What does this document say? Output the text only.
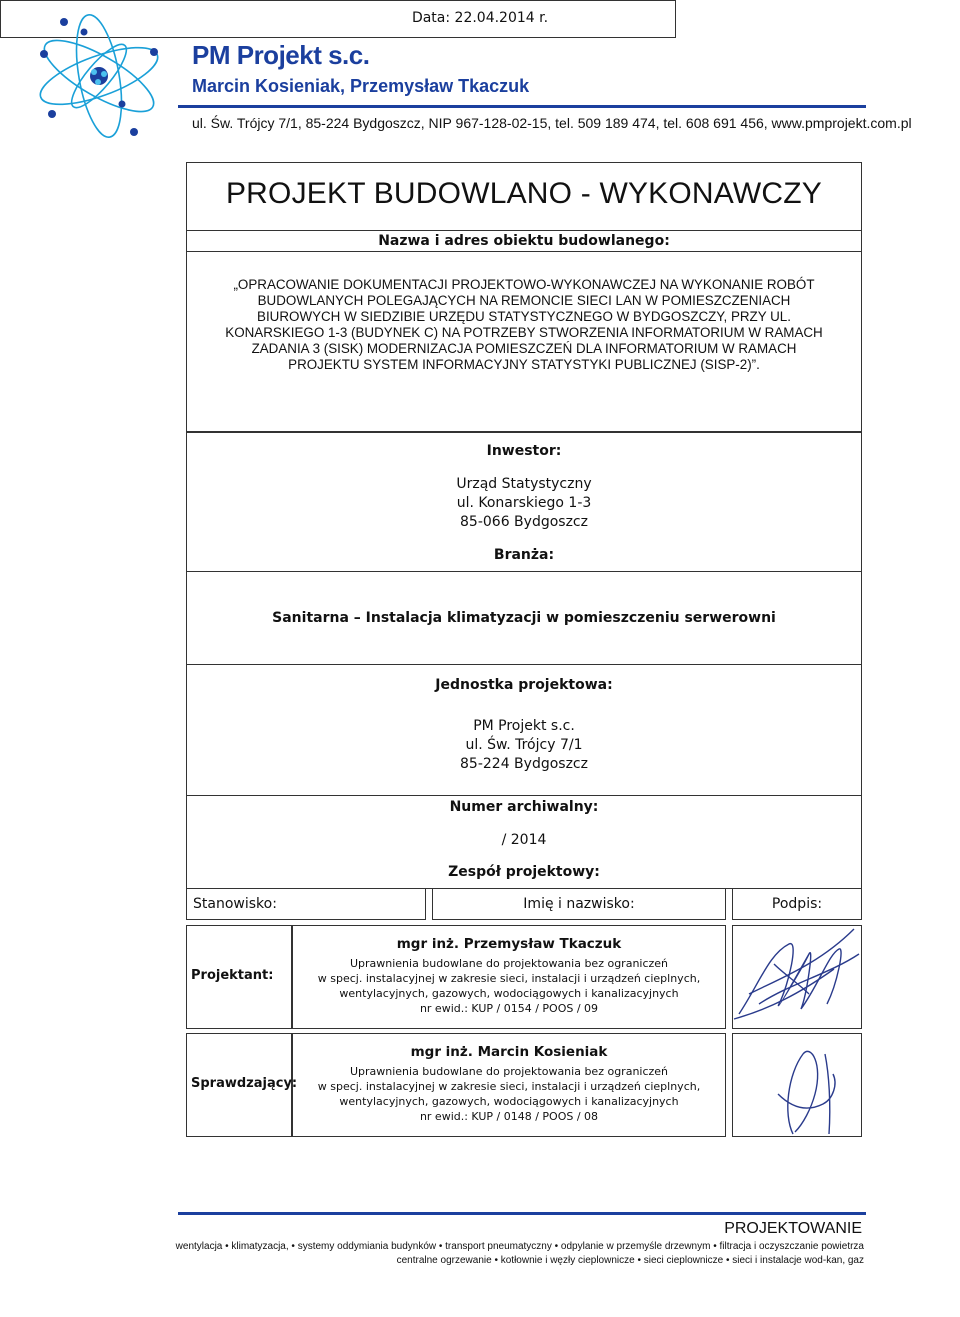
PM Projekt s.c.
Marcin Kosieniak, Przemysław Tkaczuk
ul. Św. Trójcy 7/1, 85-224 Bydgoszcz, NIP 967-128-02-15, tel. 509 189 474, tel. 608 691 456, www.pmprojekt.com.pl
PROJEKT BUDOWLANO - WYKONAWCZY
Nazwa i adres obiektu budowlanego:
„OPRACOWANIE DOKUMENTACJI PROJEKTOWO-WYKONAWCZEJ NA WYKONANIE ROBÓT
BUDOWLANYCH POLEGAJĄCYCH NA REMONCIE SIECI LAN W POMIESZCZENIACH
BIUROWYCH W SIEDZIBIE URZĘDU STATYSTYCZNEGO W BYDGOSZCZY, PRZY UL.
KONARSKIEGO 1-3 (BUDYNEK C) NA POTRZEBY STWORZENIA INFORMATORIUM W RAMACH
ZADANIA 3 (SISK) MODERNIZACJA POMIESZCZEŃ DLA INFORMATORIUM W RAMACH
PROJEKTU SYSTEM INFORMACYJNY STATYSTYKI PUBLICZNEJ (SISP-2)”.
Inwestor:
Urząd Statystyczny
ul. Konarskiego 1-3
85-066 Bydgoszcz
Branża:
Sanitarna – Instalacja klimatyzacji w pomieszczeniu serwerowni
Jednostka projektowa:
PM Projekt s.c.
ul. Św. Trójcy 7/1
85-224 Bydgoszcz
Numer archiwalny:
/ 2014
Zespół projektowy:
Stanowisko:	Imię i nazwisko:	Podpis:
Projektant:
mgr inż. Przemysław Tkaczuk
Uprawnienia budowlane do projektowania bez ograniczeń
w specj. instalacyjnej w zakresie sieci, instalacji i urządzeń cieplnych,
wentylacyjnych, gazowych, wodociągowych i kanalizacyjnych
nr ewid.: KUP / 0154 / POOS / 09
Sprawdzający:
mgr inż. Marcin Kosieniak
Uprawnienia budowlane do projektowania bez ograniczeń
w specj. instalacyjnej w zakresie sieci, instalacji i urządzeń cieplnych,
wentylacyjnych, gazowych, wodociągowych i kanalizacyjnych
nr ewid.: KUP / 0148 / POOS / 08
Data: 22.04.2014 r.
PROJEKTOWANIE
wentylacja • klimatyzacja, • systemy oddymiania budynków • transport pneumatyczny • odpylanie w przemyśle drzewnym • filtracja i oczyszczanie powietrza
centralne ogrzewanie • kotłownie i węzły cieplownicze • sieci cieplownicze • sieci i instalacje wod-kan, gaz
